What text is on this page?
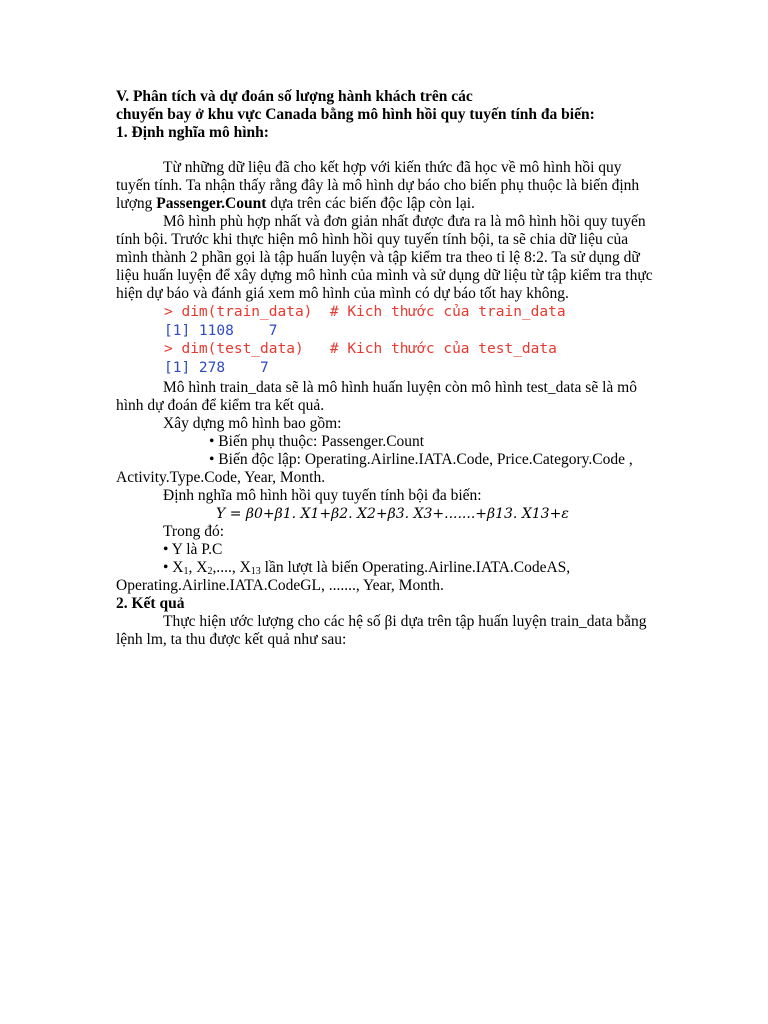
V. Phân tích và dự đoán số lượng hành khách trên các

chuyến bay ở khu vực Canada bằng mô hình hồi quy tuyến tính đa biến:

1. Định nghĩa mô hình:

Từ những dữ liệu đã cho kết hợp với kiến thức đã học về mô hình hồi quy tuyến tính. Ta nhận thấy rằng đây là mô hình dự báo cho biến phụ thuộc là biến định lượng Passenger.Count dựa trên các biến độc lập còn lại.

Mô hình phù hợp nhất và đơn giản nhất được đưa ra là mô hình hồi quy tuyến tính bội. Trước khi thực hiện mô hình hồi quy tuyến tính bội, ta sẽ chia dữ liệu của mình thành 2 phần gọi là tập huấn luyện và tập kiểm tra theo tỉ lệ 8:2. Ta sử dụng dữ liệu huấn luyện để xây dựng mô hình của mình và sử dụng dữ liệu từ tập kiểm tra thực hiện dự báo và đánh giá xem mô hình của mình có dự báo tốt hay không.

> dim(train_data)  # Kich thước của train_data
[1] 1108    7
> dim(test_data)   # Kich thước của test_data
[1] 278    7

Mô hình train_data sẽ là mô hình huấn luyện còn mô hình test_data sẽ là mô hình dự đoán để kiểm tra kết quả.

Xây dựng mô hình bao gồm:

• Biến phụ thuộc: Passenger.Count

• Biến độc lập: Operating.Airline.IATA.Code, Price.Category.Code , Activity.Type.Code, Year, Month.

Định nghĩa mô hình hồi quy tuyến tính bội đa biến:

Y = β0+β1. X1+β2. X2+β3. X3+.......+β13. X13+ε

Trong đó:

• Y là P.C

• $X_1$, $X_2$,...., $X_{13}$ lần lượt là biến Operating.Airline.IATA.CodeAS, Operating.Airline.IATA.CodeGL, ......., Year, Month.

2. Kết quả

Thực hiện ước lượng cho các hệ số βi dựa trên tập huấn luyện train_data bằng lệnh lm, ta thu được kết quả như sau:
